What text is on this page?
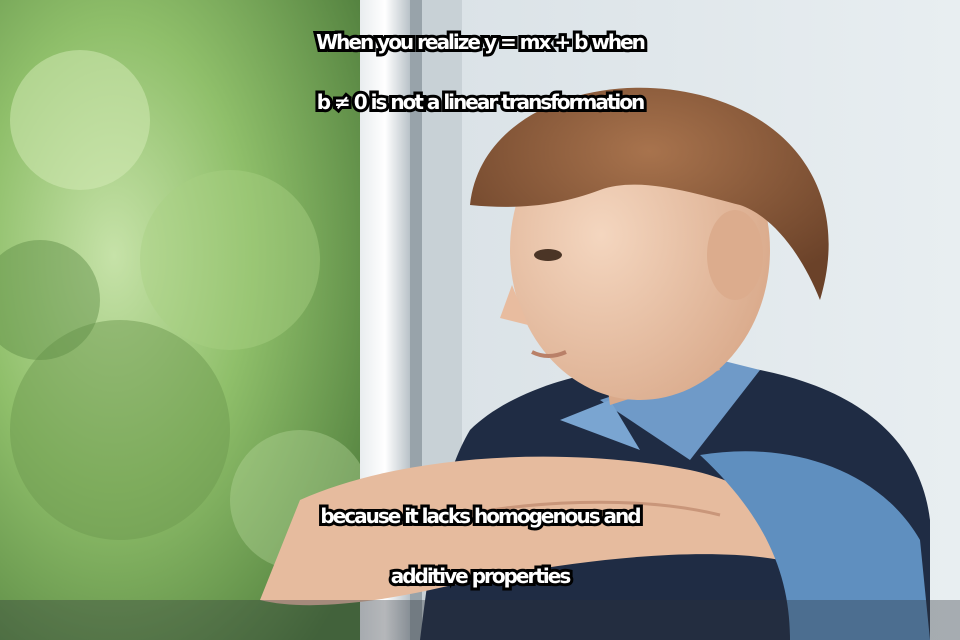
When you realize y = mx + b when
b ≠ 0 is not a linear transformation
because it lacks homogenous and
additive properties
